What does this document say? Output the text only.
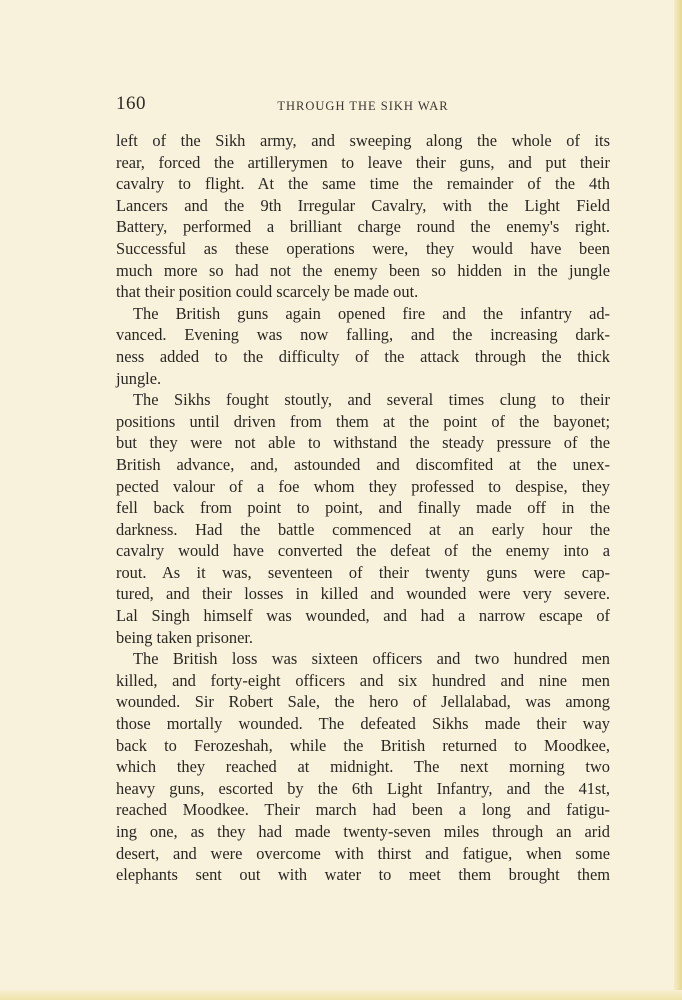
160	THROUGH THE SIKH WAR
left of the Sikh army, and sweeping along the whole of its
rear, forced the artillerymen to leave their guns, and put their
cavalry to flight. At the same time the remainder of the 4th
Lancers and the 9th Irregular Cavalry, with the Light Field
Battery, performed a brilliant charge round the enemy's right.
Successful as these operations were, they would have been
much more so had not the enemy been so hidden in the jungle
that their position could scarcely be made out.
The British guns again opened fire and the infantry ad-
vanced. Evening was now falling, and the increasing dark-
ness added to the difficulty of the attack through the thick
jungle.
The Sikhs fought stoutly, and several times clung to their
positions until driven from them at the point of the bayonet;
but they were not able to withstand the steady pressure of the
British advance, and, astounded and discomfited at the unex-
pected valour of a foe whom they professed to despise, they
fell back from point to point, and finally made off in the
darkness. Had the battle commenced at an early hour the
cavalry would have converted the defeat of the enemy into a
rout. As it was, seventeen of their twenty guns were cap-
tured, and their losses in killed and wounded were very severe.
Lal Singh himself was wounded, and had a narrow escape of
being taken prisoner.
The British loss was sixteen officers and two hundred men
killed, and forty-eight officers and six hundred and nine men
wounded. Sir Robert Sale, the hero of Jellalabad, was among
those mortally wounded. The defeated Sikhs made their way
back to Ferozeshah, while the British returned to Moodkee,
which they reached at midnight. The next morning two
heavy guns, escorted by the 6th Light Infantry, and the 41st,
reached Moodkee. Their march had been a long and fatigu-
ing one, as they had made twenty-seven miles through an arid
desert, and were overcome with thirst and fatigue, when some
elephants sent out with water to meet them brought them
